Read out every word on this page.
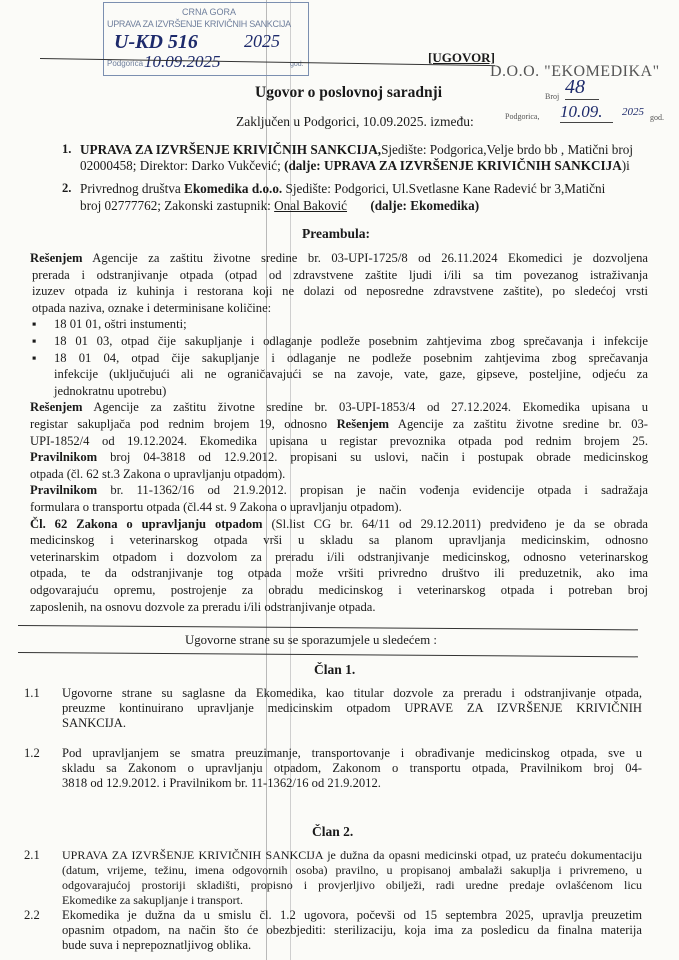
CRNA GORA
UPRAVA ZA IZVRŠENJE KRIVIČNIH SANKCIJA
U-KD 516	2025
Podgorica 10.09.2025	god.	[UGOVOR]
D.O.O. "EKOMEDIKA"
Broj 48
Podgorica, 10.09.	2025 god.
Ugovor o poslovnoj saradnji
Zaključen u Podgorici, 10.09.2025. između:
1. UPRAVA ZA IZVRŠENJE KRIVIČNIH SANKCIJA,Sjedište: Podgorica,Velje brdo bb , Matični broj
02000458; Direktor: Darko Vukčević; (dalje: UPRAVA ZA IZVRŠENJE KRIVIČNIH SANKCIJA)i
2. Privrednog društva Ekomedika d.o.o. Sjedište: Podgorici, Ul.Svetlasne Kane Radević br 3,Matični
broj 02777762; Zakonski zastupnik: Onal Baković (dalje: Ekomedika)
Preambula:
Rešenjem Agencije za zaštitu životne sredine br. 03-UPI-1725/8 od 26.11.2024 Ekomedici je dozvoljena
prerada i odstranjivanje otpada (otpad od zdravstvene zaštite ljudi i/ili sa tim povezanog istraživanja
izuzev otpada iz kuhinja i restorana koji ne dolazi od neposredne zdravstvene zaštite), po sledećoj vrsti
otpada naziva, oznake i determinisane količine:
▪ 18 01 01, oštri instumenti;
▪ 18 01 03, otpad čije sakupljanje i odlaganje podleže posebnim zahtjevima zbog sprečavanja i infekcije
▪ 18 01 04, otpad čije sakupljanje i odlaganje ne podleže posebnim zahtjevima zbog sprečavanja
infekcije (uključujući ali ne ograničavajući se na zavoje, vate, gaze, gipseve, posteljine, odjeću za
jednokratnu upotrebu)
Rešenjem Agencije za zaštitu životne sredine br. 03-UPI-1853/4 od 27.12.2024. Ekomedika upisana u
registar sakupljača pod rednim brojem 19, odnosno Rešenjem Agencije za zaštitu životne sredine br. 03-
UPI-1852/4 od 19.12.2024. Ekomedika upisana u registar prevoznika otpada pod rednim brojem 25.
Pravilnikom broj 04-3818 od 12.9.2012. propisani su uslovi, način i postupak obrade medicinskog
otpada (čl. 62 st.3 Zakona o upravljanju otpadom).
Pravilnikom br. 11-1362/16 od 21.9.2012. propisan je način vođenja evidencije otpada i sadražaja
formulara o transportu otpada (čl.44 st. 9 Zakona o upravljanju otpadom).
Čl. 62 Zakona o upravljanju otpadom (Sl.list CG br. 64/11 od 29.12.2011) predviđeno je da se obrada
medicinskog i veterinarskog otpada vrši u skladu sa planom upravljanja medicinskim, odnosno
veterinarskim otpadom i dozvolom za preradu i/ili odstranjivanje medicinskog, odnosno veterinarskog
otpada, te da odstranjivanje tog otpada može vršiti privredno društvo ili preduzetnik, ako ima
odgovarajuću opremu, postrojenje za obradu medicinskog i veterinarskog otpada i potreban broj
zaposlenih, na osnovu dozvole za preradu i/ili odstranjivanje otpada.
Ugovorne strane su se sporazumjele u sledećem :
Član 1.
1.1 Ugovorne strane su saglasne da Ekomedika, kao titular dozvole za preradu i odstranjivanje otpada,
preuzme kontinuirano upravljanje medicinskim otpadom UPRAVE ZA IZVRŠENJE KRIVIČNIH
SANKCIJA.
1.2 Pod upravljanjem se smatra preuzimanje, transportovanje i obrađivanje medicinskog otpada, sve u
skladu sa Zakonom o upravljanju otpadom, Zakonom o transportu otpada, Pravilnikom broj 04-
3818 od 12.9.2012. i Pravilnikom br. 11-1362/16 od 21.9.2012.
Član 2.
2.1 UPRAVA ZA IZVRŠENJE KRIVIČNIH SANKCIJA je dužna da opasni medicinski otpad, uz prateću dokumentaciju
(datum, vrijeme, težinu, imena odgovornih osoba) pravilno, u propisanoj ambalaži sakuplja i privremeno, u
odgovarajućoj prostoriji skladišti, propisno i provjerljivo obilježi, radi uredne predaje ovlašćenom licu
Ekomedike za sakupljanje i transport.
2.2 Ekomedika je dužna da u smislu čl. 1.2 ugovora, počevši od 15 septembra 2025, upravlja preuzetim
opasnim otpadom, na način što će obezbjediti: sterilizaciju, koja ima za posledicu da finalna materija
bude suva i neprepoznatljivog oblika.
